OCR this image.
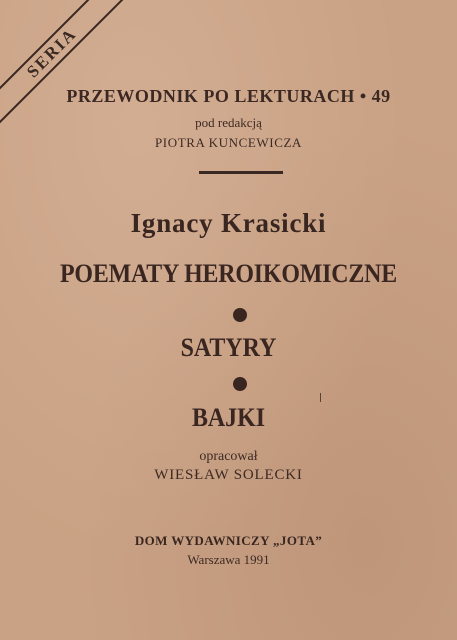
SERIA
PRZEWODNIK PO LEKTURACH • 49
pod redakcją
PIOTRA KUNCEWICZA
Ignacy Krasicki
POEMATY HEROIKOMICZNE
SATYRY
BAJKI
opracował
WIESŁAW SOLECKI
DOM WYDAWNICZY „JOTA”
Warszawa 1991
